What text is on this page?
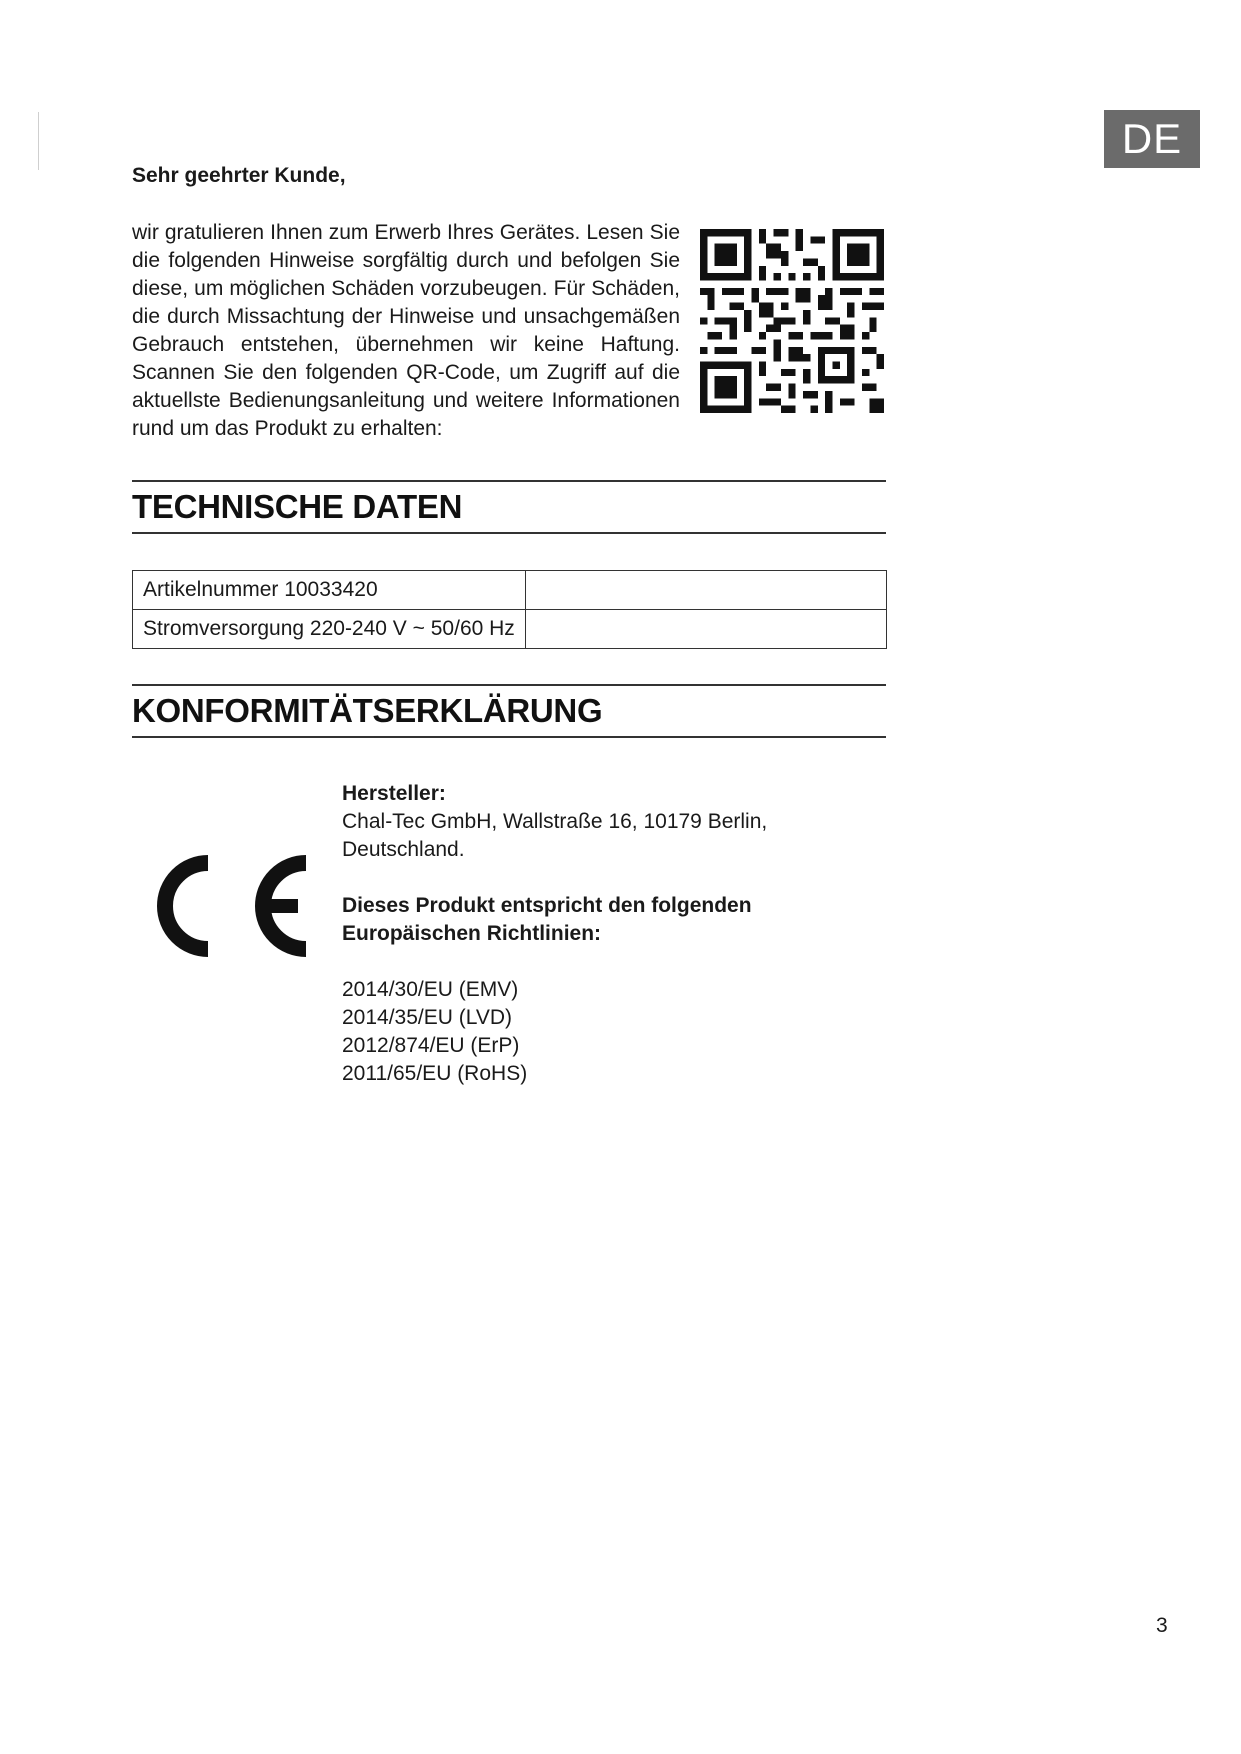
DE
Sehr geehrter Kunde,

wir gratulieren Ihnen zum Erwerb Ihres Gerätes. Lesen Sie die folgenden Hinweise sorgfältig durch und befolgen Sie diese, um möglichen Schäden vorzubeugen. Für Schäden, die durch Missachtung der Hinweise und unsachgemäßen Gebrauch entstehen, übernehmen wir keine Haftung. Scannen Sie den folgenden QR-Code, um Zugriff auf die aktuellste Bedienungsanleitung und weitere Informationen rund um das Produkt zu erhalten:

TECHNISCHE DATEN
Artikelnummer 10033420	
Stromversorgung 220-240 V ~ 50/60 Hz	
KONFORMITÄTSERKLÄRUNG
Hersteller:
Chal-Tec GmbH, Wallstraße 16, 10179 Berlin,
Deutschland.
Dieses Produkt entspricht den folgenden
Europäischen Richtlinien:
2014/30/EU (EMV)
2014/35/EU (LVD)
2012/874/EU (ErP)
2011/65/EU (RoHS)
3
